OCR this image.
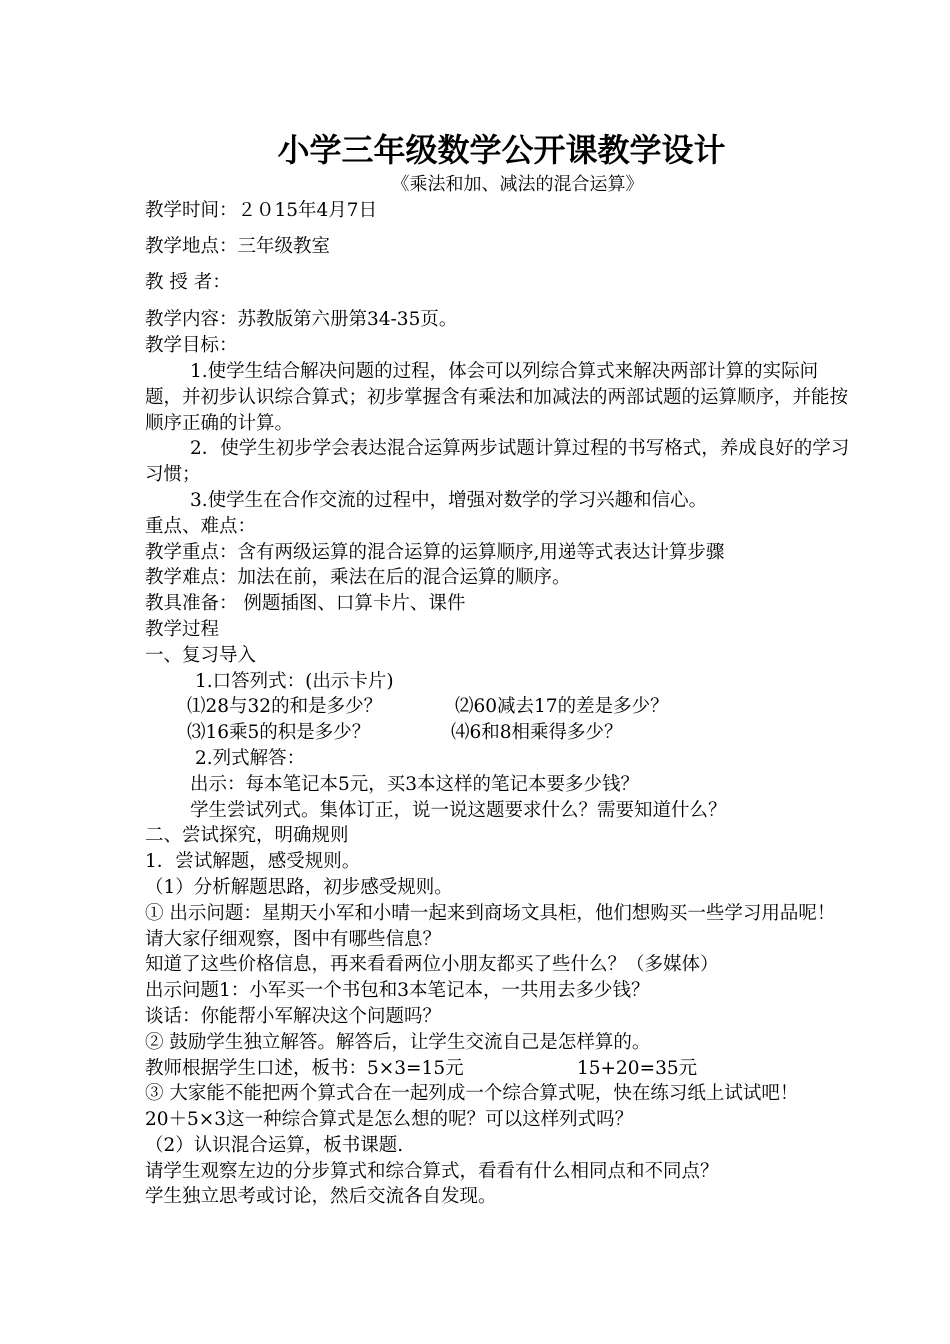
小学三年级数学公开课教学设计

《乘法和加、减法的混合运算》

教学时间：２０15年4月7日

教学地点：三年级教室

教 授 者：

教学内容：苏教版第六册第34-35页。

教学目标：

1.使学生结合解决问题的过程，体会可以列综合算式来解决两部计算的实际问题，并初步认识综合算式；初步掌握含有乘法和加减法的两部试题的运算顺序，并能按顺序正确的计算。

2．使学生初步学会表达混合运算两步试题计算过程的书写格式，养成良好的学习习惯；

3.使学生在合作交流的过程中，增强对数学的学习兴趣和信心。

重点、难点：

教学重点：含有两级运算的混合运算的运算顺序,用递等式表达计算步骤

教学难点：加法在前，乘法在后的混合运算的顺序。

教具准备： 例题插图、口算卡片、课件

教学过程

一、复习导入

1.口答列式：(出示卡片)

⑴28与32的和是多少？	⑵60减去17的差是多少？

⑶16乘5的积是多少？	⑷6和8相乘得多少？

2.列式解答：

出示：每本笔记本5元，买3本这样的笔记本要多少钱？

学生尝试列式。集体订正，说一说这题要求什么？需要知道什么？

二、尝试探究，明确规则

1．尝试解题，感受规则。

（1）分析解题思路，初步感受规则。

① 出示问题：星期天小军和小晴一起来到商场文具柜，他们想购买一些学习用品呢！请大家仔细观察，图中有哪些信息？

知道了这些价格信息，再来看看两位小朋友都买了些什么？（多媒体）

出示问题1：小军买一个书包和3本笔记本，一共用去多少钱？

谈话：你能帮小军解决这个问题吗？

② 鼓励学生独立解答。解答后，让学生交流自己是怎样算的。

教师根据学生口述，板书：5×3=15元	15+20=35元

③ 大家能不能把两个算式合在一起列成一个综合算式呢，快在练习纸上试试吧！

20＋5×3这一种综合算式是怎么想的呢？可以这样列式吗？

（2）认识混合运算，板书课题.

请学生观察左边的分步算式和综合算式，看看有什么相同点和不同点？

学生独立思考或讨论，然后交流各自发现。
